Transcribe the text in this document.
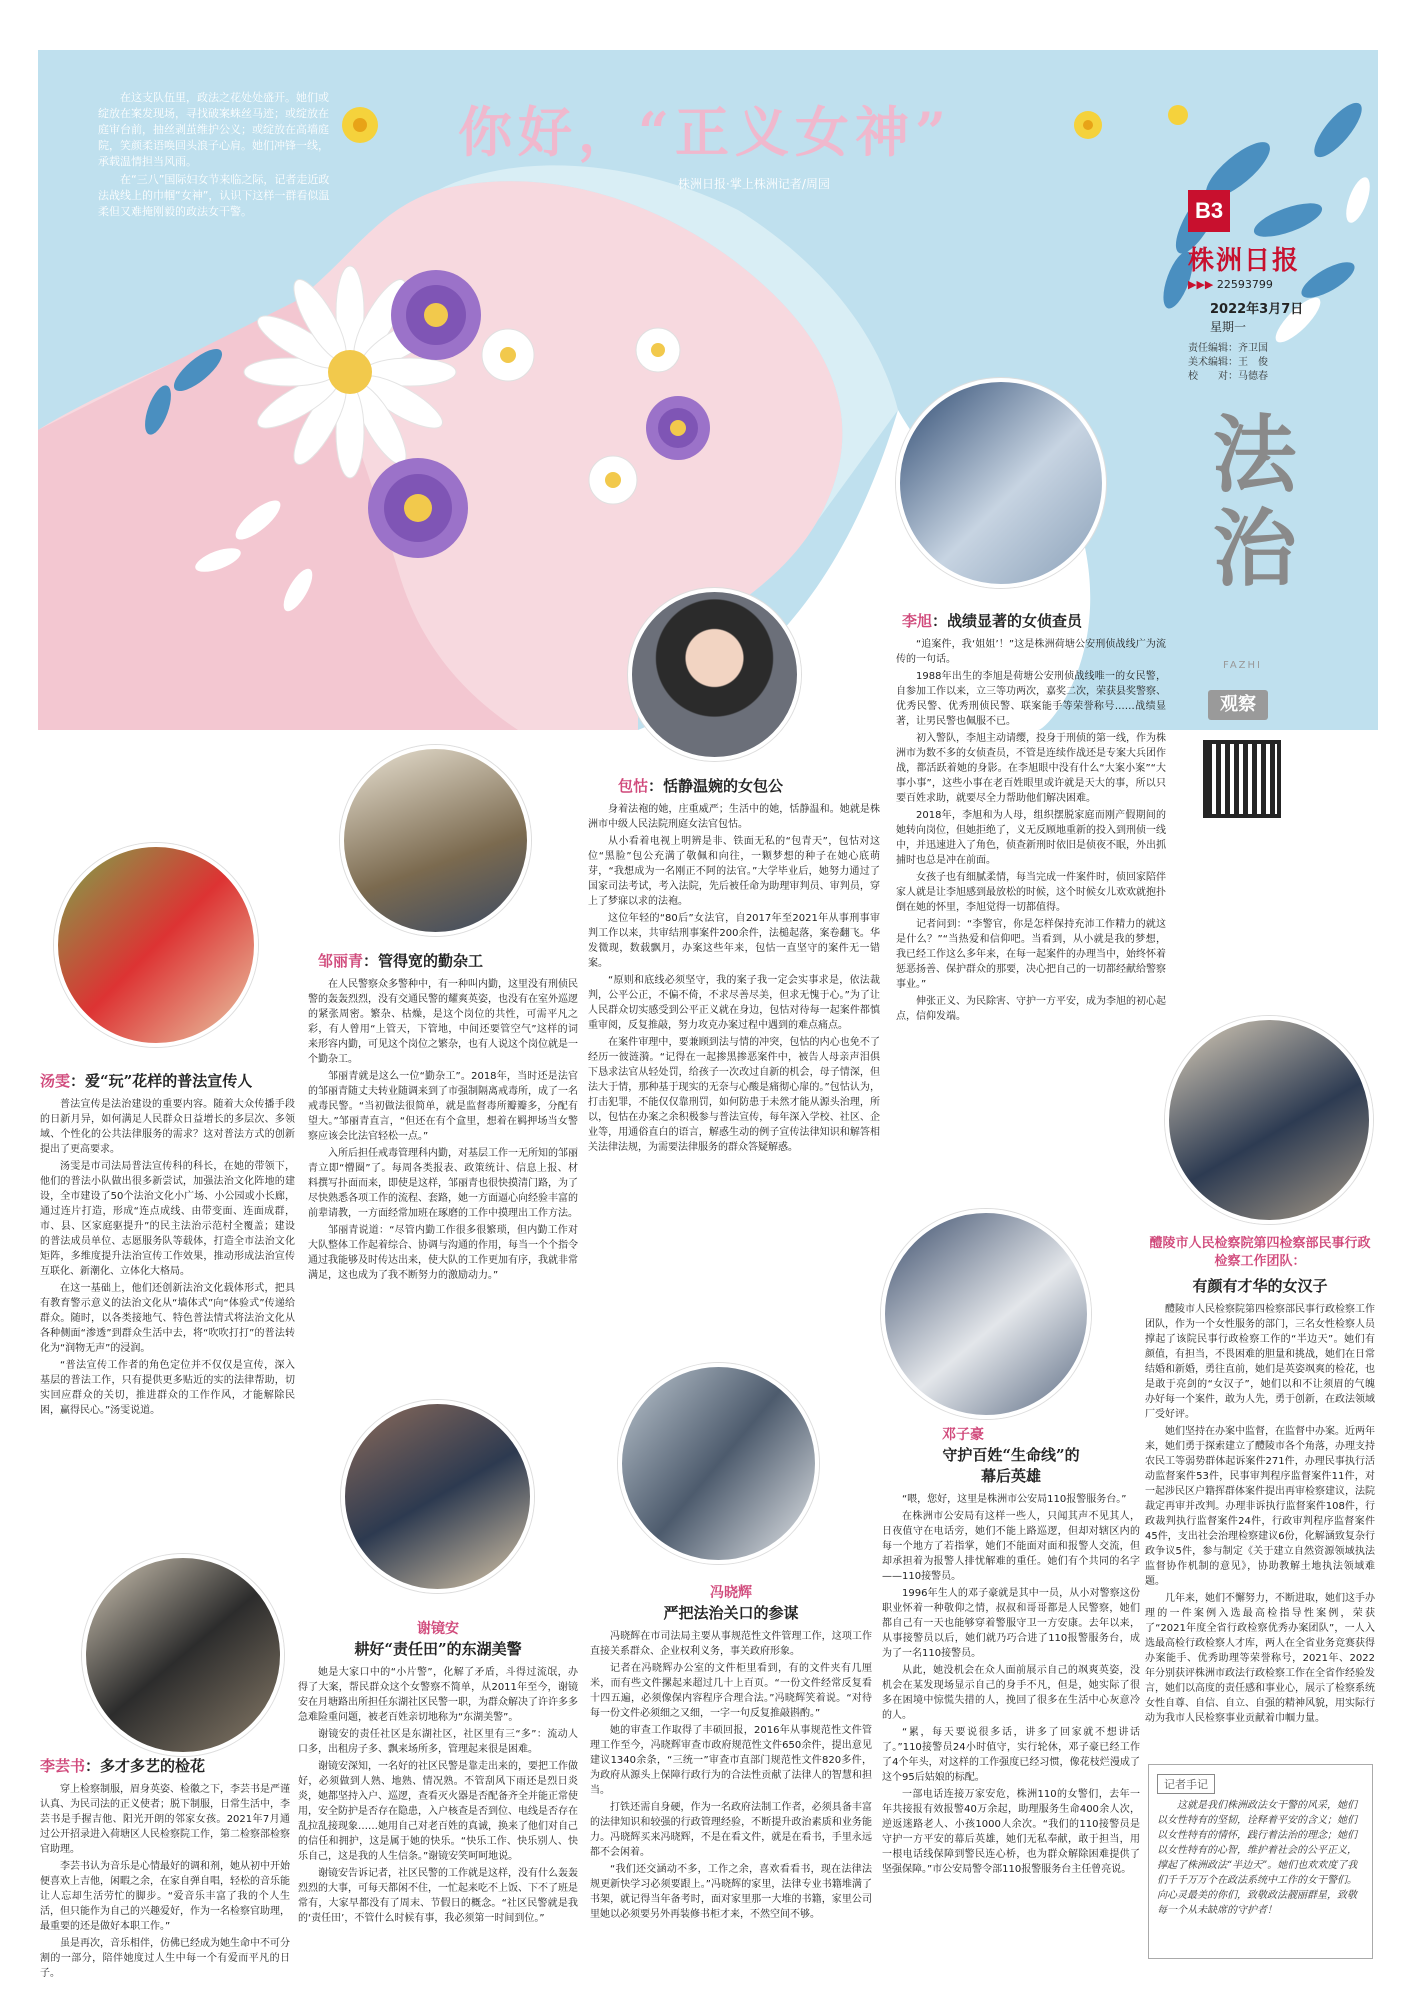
在这支队伍里，政法之花处处盛开。她们或绽放在案发现场，寻找破案蛛丝马迹；或绽放在庭审台前，抽丝剥茧维护公义；或绽放在高墙庭院，笑颜柔语唤回头浪子心肩。她们冲锋一线，承载温情担当风雨。

在“三八”国际妇女节来临之际，记者走近政法战线上的巾帼“女神”，认识下这样一群看似温柔但又难掩刚毅的政法女干警。

你好，“正义女神”
株洲日报·掌上株洲记者/周园
B3
株洲日报
▶▶▶ 22593799
2022年3月7日
星期一
责任编辑：齐卫国
美术编辑：王　俊
校　　对：马德春
法治
FAZHI
观察
李旭：战绩显著的女侦查员

“追案件，我‘姐姐’！”这是株洲荷塘公安刑侦战线广为流传的一句话。

1988年出生的李旭是荷塘公安刑侦战线唯一的女民警，自参加工作以来，立三等功两次，嘉奖二次，荣获县奖警察、优秀民警、优秀刑侦民警、联案能手等荣誉称号……战绩显著，让男民警也佩服不已。

初入警队，李旭主动请缨，投身于刑侦的第一线，作为株洲市为数不多的女侦查员，不管是连续作战还是专案大兵团作战，都活跃着她的身影。在李旭眼中没有什么“大案小案”“大事小事”，这些小事在老百姓眼里或许就是天大的事，所以只要百姓求助，就要尽全力帮助他们解决困难。

2018年，李旭和为人母，组织摆脱家庭而刚产假期间的她转向岗位，但她拒绝了，义无反顾地重新的投入到刑侦一线中，并迅速进入了角色，侦查新刑时依旧是侦夜不眠，外出抓捕时也总是冲在前面。

女孩子也有细腻柔情，每当完成一件案件时，侦回家陪伴家人就是让李旭感到最放松的时候，这个时候女儿欢欢就抱扑倒在她的怀里，李旭觉得一切都值得。

记者问到：“李警官，你是怎样保持充沛工作精力的就这是什么？”“当热爱和信仰吧。当看到，从小就是我的梦想，我已经工作这么多年来，在每一起案件的办理当中，始终怀着惩恶扬善、保护群众的那要，决心把自己的一切都经献给警察事业。”

伸张正义、为民除害、守护一方平安，成为李旭的初心起点，信仰发端。

包怙：恬静温婉的女包公

身着法袍的她，庄重威严；生活中的她，恬静温和。她就是株洲市中级人民法院刑庭女法官包怙。

从小看着电视上明辨是非、铁面无私的“包青天”，包怙对这位“黑脸”包公充满了敬佩和向往，一颗梦想的种子在她心底萌芽，“我想成为一名刚正不阿的法官。”大学毕业后，她努力通过了国家司法考试，考入法院，先后被任命为助理审判员、审判员，穿上了梦寐以求的法袍。

这位年轻的“80后”女法官，自2017年至2021年从事刑事审判工作以来，共审结刑事案件200余件，法槌起落，案卷翻飞。华发微现，数载飘月，办案这些年来，包怙一直坚守的案件无一错案。

“原则和底线必须坚守，我的案子我一定会实事求是，依法裁判，公平公正，不偏不倚，不求尽善尽美，但求无愧于心。”为了让人民群众切实感受到公平正义就在身边，包怙对待每一起案件都慎重审阅，反复推敲，努力攻克办案过程中遇到的难点痛点。

在案件审理中，要兼顾到法与情的冲突，包怙的内心也免不了经历一彼涟漪。“记得在一起掺黑掺恶案件中，被告人母亲声泪俱下恳求法官从轻处罚，给孩子一次改过自新的机会，母子情深，但法大于情，那种基于现实的无奈与心酸是痛彻心扉的。”包怙认为，打击犯罪，不能仅仅靠刑罚，如何防患于未然才能从源头治理，所以，包怙在办案之余积极参与普法宣传，每年深入学校、社区、企业等，用通俗直白的语言，解惑生动的例子宣传法律知识和解答相关法律法规，为需要法律服务的群众答疑解惑。

邹丽青：管得宽的勤杂工

在人民警察众多警种中，有一种叫内勤，这里没有刑侦民警的轰轰烈烈，没有交通民警的耀爽英姿，也没有在室外巡逻的紧张周密。繁杂、枯燥，是这个岗位的共性，可需平凡之彩，有人曾用“上管天，下管地，中间还要管空气”这样的词来形容内勤，可见这个岗位之繁杂，也有人说这个岗位就是一个勤杂工。

邹丽青就是这么一位“勤杂工”。2018年，当时还是法官的邹丽青随丈夫转业随调来到了市强制隔离戒毒所，成了一名戒毒民警。“当初做法很简单，就是监督毒所瓣瓣多，分配有望大。”邹丽青直言，“但还在有个盒里，想着在羁押场当女警察应该会比法官轻松一点。”

入所后担任戒毒管理科内勤，对基层工作一无所知的邹丽青立即“懵圈”了。每周各类报表、政策统计、信息上报、材料撰写扑面而来，即使是这样，邹丽青也很快摸清门路，为了尽快熟悉各项工作的流程、套路，她一方面逼心向经验丰富的前辈请教，一方面经常加班在琢磨的工作中摸理出工作方法。

邹丽青说道：“尽管内勤工作很多很繁琐，但内勤工作对大队整体工作起着综合、协调与沟通的作用，每当一个个指令通过我能够及时传达出来，使大队的工作更加有序，我就非常满足，这也成为了我不断努力的激励动力。”

汤雯：爱“玩”花样的普法宣传人

普法宣传是法治建设的重要内容。随着大众传播手段的日新月异，如何满足人民群众日益增长的多层次、多领域、个性化的公共法律服务的需求？这对普法方式的创新提出了更高要求。

汤雯是市司法局普法宣传科的科长，在她的带领下，他们的普法小队做出很多新尝试，加强法治文化阵地的建设，全市建设了50个法治文化小广场、小公园或小长廊，通过连片打造，形成“连点成线、由带变面、连面成群，市、县、区家庭驱提升”的民主法治示范村全覆盖；建设的普法成员单位、志愿服务队等载体，打造全市法治文化矩阵，多维度提升法治宣传工作效果，推动形成法治宣传互联化、新潮化、立体化大格局。

在这一基础上，他们还创新法治文化载体形式，把具有教育警示意义的法治文化从“墙体式”向“体验式”传递给群众。随时，以各类接地气、特色普法情式将法治文化从各种侧面“渗透”到群众生活中去，将“吹吹打打”的普法转化为“润物无声”的浸润。

“普法宣传工作者的角色定位并不仅仅是宣传，深入基层的普法工作，只有提供更多贴近的实的法律帮助，切实回应群众的关切，推进群众的工作作风，才能解除民困，赢得民心。”汤雯说道。

醴陵市人民检察院第四检察部民事行政检察工作团队：
有颜有才华的女汉子

醴陵市人民检察院第四检察部民事行政检察工作团队，作为一个女性服务的部门，三名女性检察人员撑起了该院民事行政检察工作的“半边天”。她们有颜值，有担当，不畏困难的胆量和挑战，她们在日常结婚和新婚，勇往直前，她们是英姿飒爽的检花，也是敢于亮剑的“女汉子”，她们以和不让须眉的气魄办好每一个案件，敢为人先，勇于创新，在政法领域厂受好评。

她们坚持在办案中监督，在监督中办案。近两年来，她们勇于探索建立了醴陵市各个角落，办理支持农民工等弱势群体起诉案件271件，办理民事执行活动监督案件53件，民事审判程序监督案件11件，对一起涉民区户籍挥群体案件提出再审检察建议，法院裁定再审并改判。办理非诉执行监督案件108件，行政裁判执行监督案件24件，行政审判程序监督案件45件，支出社会治理检察建议6份，化解涵致复杂行政争议5件，参与制定《关于建立自然资源领域执法监督协作机制的意见》，协助教解土地执法领域难题。

几年来，她们不懈努力，不断进取，她们这手办理的一件案例入选最高检指导性案例，荣获了“2021年度全省行政检察优秀办案团队”，一人入选最高检行政检察人才库，两人在全省业务竞赛获得办案能手、优秀助理等荣誉称号，2021年、2022年分别获评株洲市政法行政检察工作在全省作经验发言，她们以高度的责任感和事业心，展示了检察系统女性自尊、自信、自立、自强的精神风貌，用实际行动为我市人民检察事业贡献着巾帼力量。

邓子豪
守护百姓“生命线”的
幕后英雄

“喂，您好，这里是株洲市公安局110报警服务台。”

在株洲市公安局有这样一些人，只闻其声不见其人，日夜值守在电话旁，她们不能上路巡逻，但却对辖区内的每一个地方了若指掌，她们不能面对面和报警人交流，但却承担着为报警人排忧解难的重任。她们有个共同的名字——110接警员。

1996年生人的邓子豪就是其中一员，从小对警察这份职业怀着一种敬仰之情，叔叔和哥哥都是人民警察，她们都自己有一天也能够穿着警服守卫一方安康。去年以来，从事接警员以后，她们就乃巧合进了110报警服务台，成为了一名110接警员。

从此，她没机会在众人面前展示自己的飒爽英姿，没机会在某发现场显示自己的身手不凡，但是，她实际了很多在困境中惊慌失措的人，挽回了很多在生活中心灰意冷的人。

“累，每天要说很多话，讲多了回家就不想讲话了。”110接警员24小时值守，实行轮休，邓子豪已经工作了4个年头，对这样的工作强度已经习惯，像花枝烂漫成了这个95后姑娘的标配。

一部电话连接万家安危，株洲110的女警们，去年一年共接报有效报警40万余起，助理服务生命400余人次，逆返迷路老人、小孩1000人余次。“我们的110接警员是守护一方平安的幕后英雄，她们无私奉献，敢于担当，用一根电话线保障到警民连心桥，也为群众解除困难提供了坚强保障。”市公安局警令部110报警服务台主任曾亮说。

冯晓辉
严把法治关口的参谋

冯晓辉在市司法局主要从事规范性文件管理工作，这项工作直接关系群众、企业权利义务，事关政府形象。

记者在冯晓辉办公室的文件柜里看到，有的文件夹有几厘米，而有些文件摞起来超过几十上百页。“一份文件经常反复看十四五遍，必须像保内容程序合理合法。”冯晓辉笑着说。“对待每一份文件必须细之又细，一字一句反复推敲斟酌。”

她的审查工作取得了丰硕回报，2016年从事规范性文件管理工作至今，冯晓辉审查市政府规范性文件650余件，提出意见建议1340余条，“三统一”审查市直部门规范性文件820多件，为政府从源头上保障行政行为的合法性贡献了法律人的智慧和担当。

打铁还需自身硬，作为一名政府法制工作者，必须具备丰富的法律知识和较强的行政管理经验，不断提升政治素质和业务能力。冯晓辉买来冯晓辉，不是在看文件，就是在看书，手里永远都不会闲着。

“我们还交涵动不多，工作之余，喜欢看看书，现在法律法规更新快学习必须要跟上。”冯晓辉的家里，法律专业书籍堆满了书架，就记得当年备考时，面对家里那一大堆的书籍，家里公司里她以必须要另外再装修书柜才来，不然空间不够。

谢镜安
耕好“责任田”的东湖美警

她是大家口中的“小片警”，化解了矛盾，斗得过流氓，办得了大案，帮民群众这个女警察不简单，从2011年至今，谢镜安在月塘路出所担任东湖社区民警一职，为群众解决了许许多多急难险重问题，被老百姓亲切地称为“东湖美警”。

谢镜安的责任社区是东湖社区，社区里有三“多”：流动人口多，出租房子多、飘来场所多，管理起来很是困难。

谢镜安深知，一名好的社区民警是靠走出来的，要把工作做好，必须做到人熟、地熟、情况熟。不管刮风下雨还是烈日炎炎，她都坚持入户、巡逻，查看灭火器是否配备齐全并能正常使用，安全防护是否存在隐患，入户核查是否到位、电线是否存在乱拉乱接现象……她用自己对老百姓的真诚，换来了他们对自己的信任和拥护，这是属于她的快乐。“快乐工作、快乐别人、快乐自己，这是我的人生信条。”谢镜安笑呵呵地说。

谢镜安告诉记者，社区民警的工作就是这样，没有什么轰轰烈烈的大事，可每天都闲不住，一忙起来吃不上饭、下不了班是常有，大家早都没有了周末、节假日的概念。“社区民警就是我的‘责任田’，不管什么时候有事，我必须第一时间到位。”

李芸书：多才多艺的检花

穿上检察制服，眉身英姿、检徽之下，李芸书是严谨认真、为民司法的正义使者；脱下制服，日常生活中，李芸书是手握吉他、阳光开朗的邻家女孩。2021年7月通过公开招录进入荷塘区人民检察院工作，第二检察部检察官助理。

李芸书认为音乐是心情最好的调和剂，她从初中开始便喜欢上吉他，闲暇之余，在家自弹自唱，轻松的音乐能让人忘却生活劳忙的脚步。“爱音乐丰富了我的个人生活，但只能作为自己的兴趣爱好，作为一名检察官助理，最重要的还是做好本职工作。”

虽是再次，音乐相伴，仿佛已经成为她生命中不可分割的一部分，陪伴她度过人生中每一个有爱而平凡的日子。

记者手记
这就是我们株洲政法女干警的风采，她们以女性特有的坚韧，诠释着平安的含义；她们以女性特有的情怀，践行着法治的理念；她们以女性特有的心智，维护着社会的公平正义，撑起了株洲政法“半边天”。她们也欢欢度了我们千千万万个在政法系统中工作的女干警们。向心灵最美的你们，致敬政法靓丽群星，致敬每一个从未缺席的守护者！
